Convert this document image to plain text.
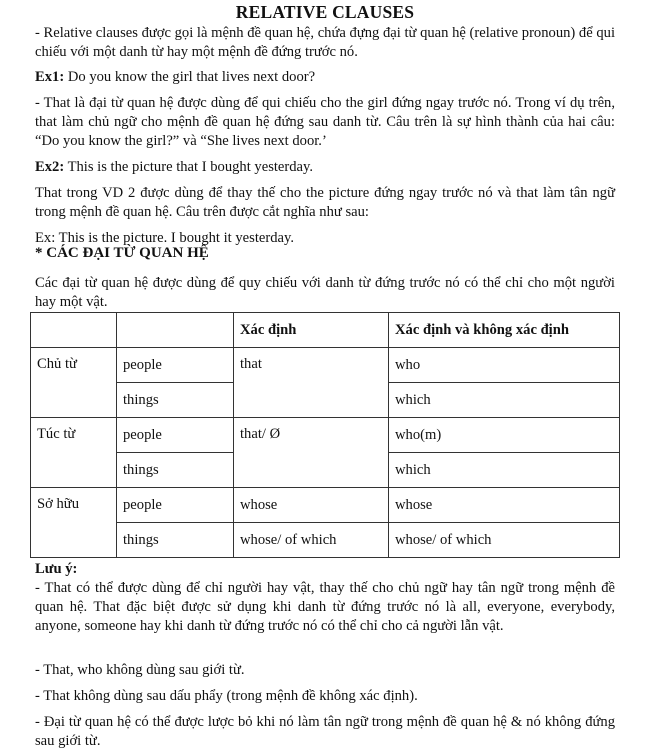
RELATIVE CLAUSES

- Relative clauses được gọi là mệnh đề quan hệ, chứa đựng đại từ quan hệ (relative pronoun) để qui chiếu với một danh từ hay một mệnh đề đứng trước nó.

Ex1: Do you know the girl that lives next door?

- That là đại từ quan hệ được dùng để qui chiếu cho the girl đứng ngay trước nó. Trong ví dụ trên, that làm chủ ngữ cho mệnh đề quan hệ đứng sau danh từ. Câu trên là sự hình thành của hai câu: “Do you know the girl?” và “She lives next door.’

Ex2: This is the picture that I bought yesterday.

That trong VD 2 được dùng để thay thế cho the picture đứng ngay trước nó và that làm tân ngữ trong mệnh đề quan hệ. Câu trên được cắt nghĩa như sau:

Ex: This is the picture. I bought it yesterday.

* CÁC ĐẠI TỪ QUAN HỆ

Các đại từ quan hệ được dùng để quy chiếu với danh từ đứng trước nó có thể chỉ cho một người hay một vật.

		Xác định	Xác định và không xác định
Chủ từ	people	that	who
	things		which
Túc từ	people	that/ Ø	who(m)
	things		which
Sở hữu	people	whose	whose
	things	whose/ of which	whose/ of which
Lưu ý:

- That có thể được dùng để chỉ người hay vật, thay thế cho chủ ngữ hay tân ngữ trong mệnh đề quan hệ. That đặc biệt được sử dụng khi danh từ đứng trước nó là all, everyone, everybody, anyone, someone hay khi danh từ đứng trước nó có thể chỉ cho cả người lẫn vật.

- That, who không dùng sau giới từ.

- That không dùng sau dấu phẩy (trong mệnh đề không xác định).

- Đại từ quan hệ có thể được lược bỏ khi nó làm tân ngữ trong mệnh đề quan hệ & nó không đứng sau giới từ.
